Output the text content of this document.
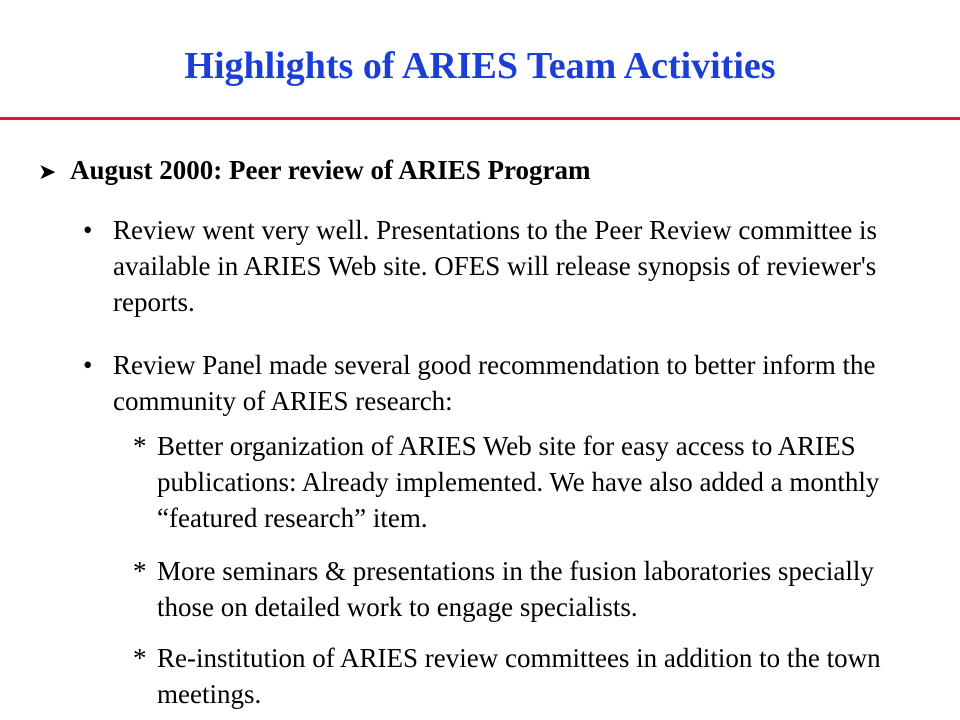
Highlights of ARIES Team Activities
➤ August 2000: Peer review of ARIES Program
• Review went very well. Presentations to the Peer Review committee is available in ARIES Web site. OFES will release synopsis of reviewer's reports.
• Review Panel made several good recommendation to better inform the community of ARIES research:
* Better organization of ARIES Web site for easy access to ARIES publications: Already implemented. We have also added a monthly “featured research” item.
* More seminars & presentations in the fusion laboratories specially those on detailed work to engage specialists.
* Re-institution of ARIES review committees in addition to the town meetings.
